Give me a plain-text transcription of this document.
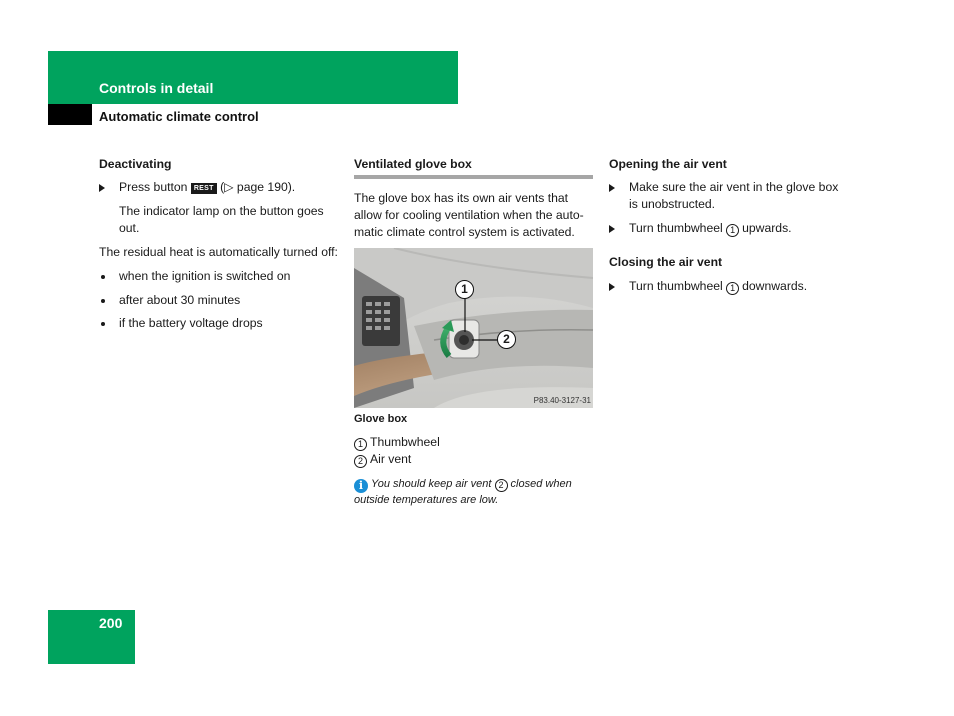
Controls in detail
Automatic climate control
200

Deactivating

Press button REST (▷ page 190).

The indicator lamp on the button goes out.

The residual heat is automatically turned off:

when the ignition is switched on
after about 30 minutes
if the battery voltage drops

Ventilated glove box

The glove box has its own air vents that allow for cooling ventilation when the auto-matic climate control system is activated.

1
2
P83.40-3127-31

Glove box

1 Thumbwheel

2 Air vent

i You should keep air vent 2 closed when outside temperatures are low.

Opening the air vent

Make sure the air vent in the glove box is unobstructed.
Turn thumbwheel 1 upwards.

Closing the air vent

Turn thumbwheel 1 downwards.
